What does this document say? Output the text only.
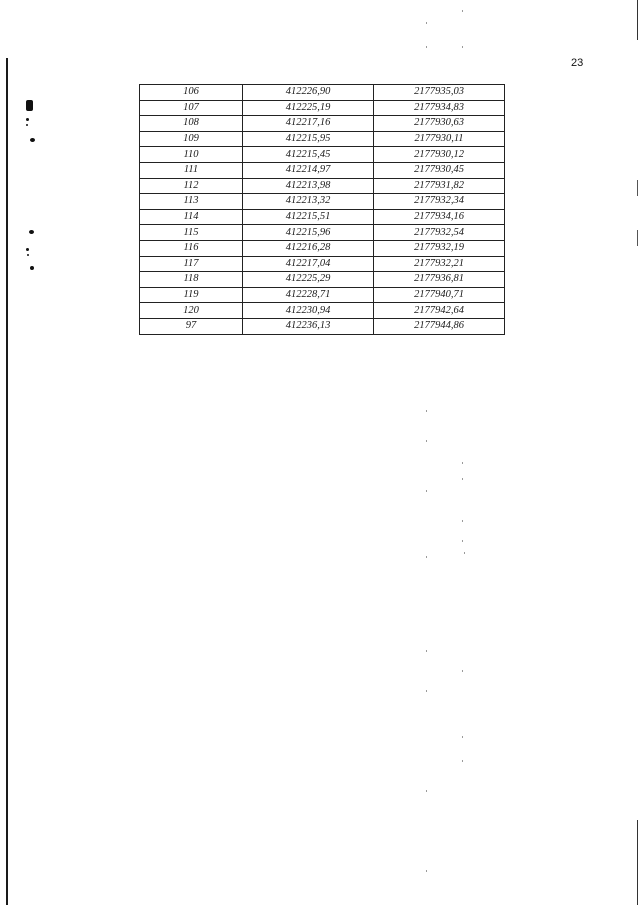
23
106	412226,90	2177935,03
107	412225,19	2177934,83
108	412217,16	2177930,63
109	412215,95	2177930,11
110	412215,45	2177930,12
111	412214,97	2177930,45
112	412213,98	2177931,82
113	412213,32	2177932,34
114	412215,51	2177934,16
115	412215,96	2177932,54
116	412216,28	2177932,19
117	412217,04	2177932,21
118	412225,29	2177936,81
119	412228,71	2177940,71
120	412230,94	2177942,64
97	412236,13	2177944,86
